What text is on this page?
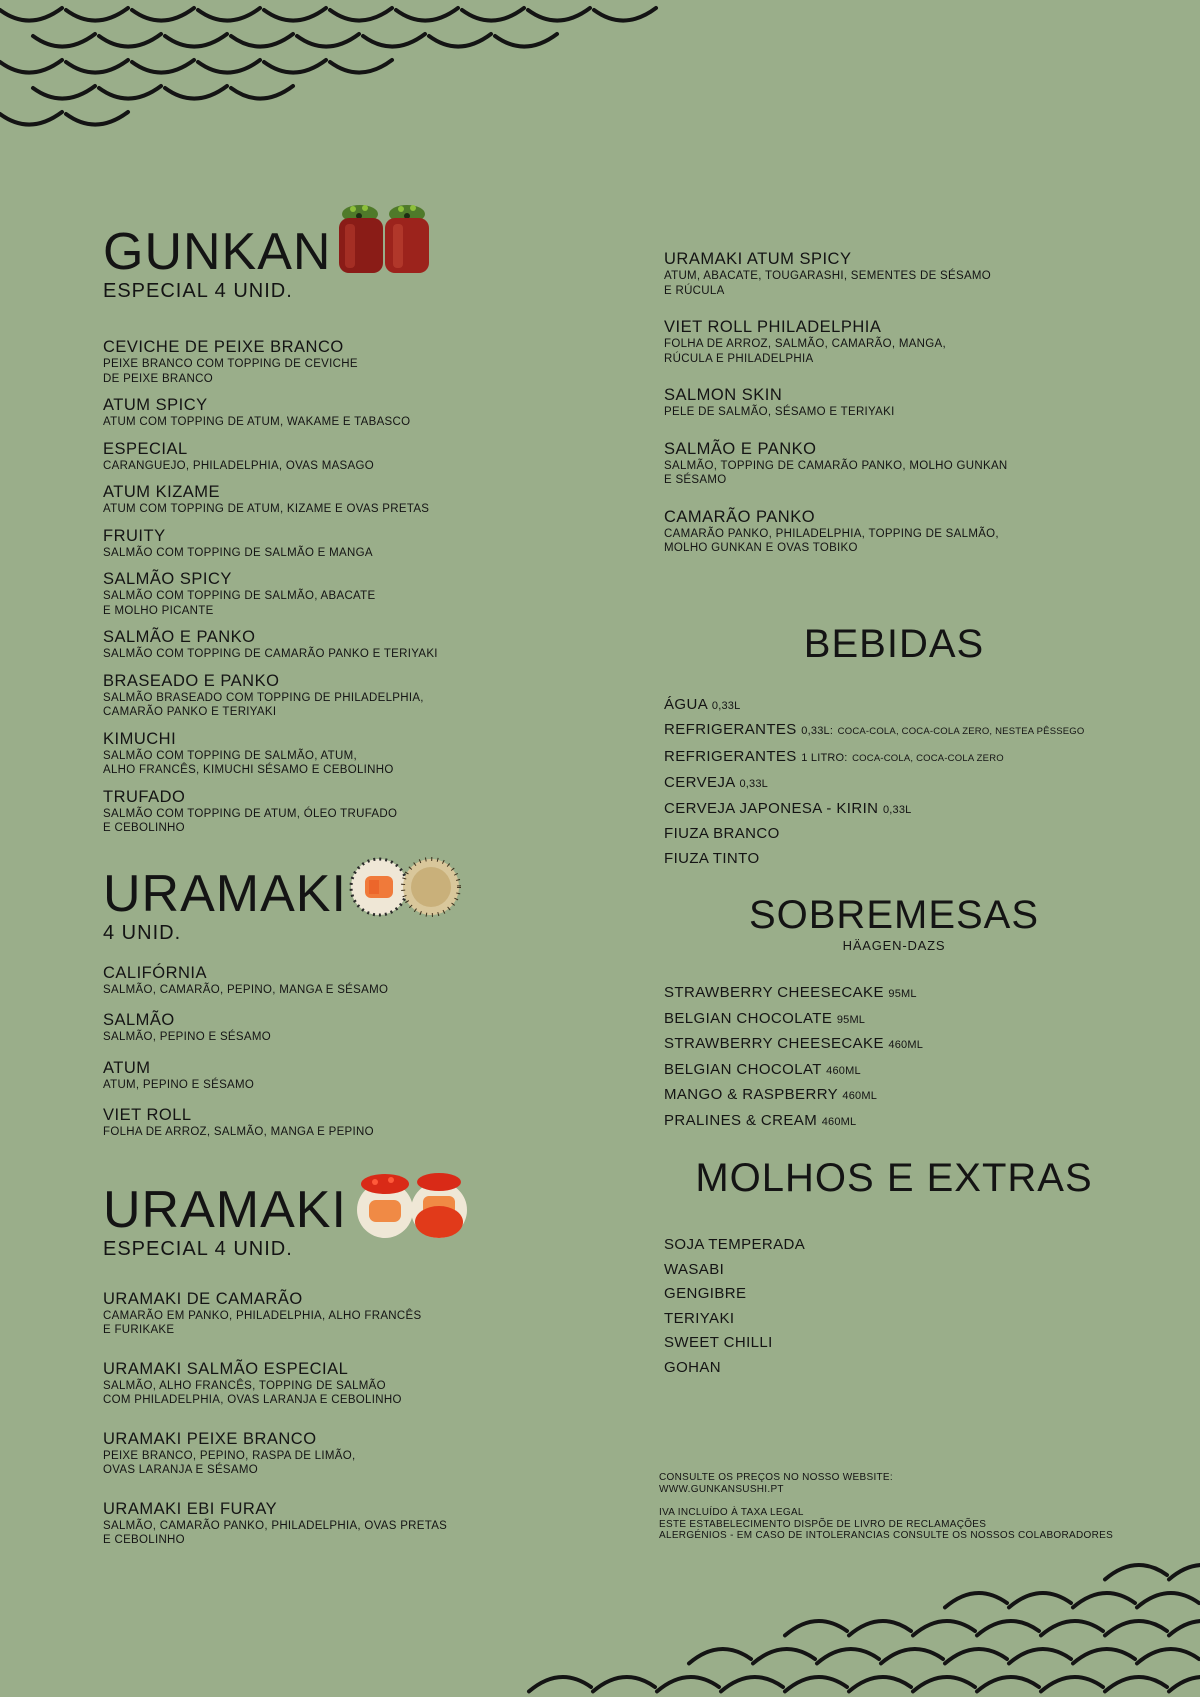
GUNKAN
ESPECIAL 4 UNID.
CEVICHE DE PEIXE BRANCO
PEIXE BRANCO COM TOPPING DE CEVICHE
DE PEIXE BRANCO
ATUM SPICY
ATUM COM TOPPING DE ATUM, WAKAME E TABASCO
ESPECIAL
CARANGUEJO, PHILADELPHIA, OVAS MASAGO
ATUM KIZAME
ATUM COM TOPPING DE ATUM, KIZAME E OVAS PRETAS
FRUITY
SALMÃO COM TOPPING DE SALMÃO E MANGA
SALMÃO SPICY
SALMÃO COM TOPPING DE SALMÃO, ABACATE
E MOLHO PICANTE
SALMÃO E PANKO
SALMÃO COM TOPPING DE CAMARÃO PANKO E TERIYAKI
BRASEADO E PANKO
SALMÃO BRASEADO COM TOPPING DE PHILADELPHIA,
CAMARÃO PANKO E TERIYAKI
KIMUCHI
SALMÃO COM TOPPING DE SALMÃO, ATUM,
ALHO FRANCÊS, KIMUCHI SÉSAMO E CEBOLINHO
TRUFADO
SALMÃO COM TOPPING DE ATUM, ÓLEO TRUFADO
E CEBOLINHO
URAMAKI
4 UNID.
CALIFÓRNIA
SALMÃO, CAMARÃO, PEPINO, MANGA E SÉSAMO
SALMÃO
SALMÃO, PEPINO E SÉSAMO
ATUM
ATUM, PEPINO E SÉSAMO
VIET ROLL
FOLHA DE ARROZ, SALMÃO, MANGA E PEPINO
URAMAKI
ESPECIAL 4 UNID.
URAMAKI DE CAMARÃO
CAMARÃO EM PANKO, PHILADELPHIA, ALHO FRANCÊS
E FURIKAKE
URAMAKI SALMÃO ESPECIAL
SALMÃO, ALHO FRANCÊS, TOPPING DE SALMÃO
COM PHILADELPHIA, OVAS LARANJA E CEBOLINHO
URAMAKI PEIXE BRANCO
PEIXE BRANCO, PEPINO, RASPA DE LIMÃO,
OVAS LARANJA E SÉSAMO
URAMAKI EBI FURAY
SALMÃO, CAMARÃO PANKO, PHILADELPHIA, OVAS PRETAS
E CEBOLINHO
URAMAKI ATUM SPICY
ATUM, ABACATE, TOUGARASHI, SEMENTES DE SÉSAMO
E RÚCULA
VIET ROLL PHILADELPHIA
FOLHA DE ARROZ, SALMÃO, CAMARÃO, MANGA,
RÚCULA E PHILADELPHIA
SALMON SKIN
PELE DE SALMÃO, SÉSAMO E TERIYAKI
SALMÃO E PANKO
SALMÃO, TOPPING DE CAMARÃO PANKO, MOLHO GUNKAN
E SÉSAMO
CAMARÃO PANKO
CAMARÃO PANKO, PHILADELPHIA, TOPPING DE SALMÃO,
MOLHO GUNKAN E OVAS TOBIKO
BEBIDAS
ÁGUA 0,33L
REFRIGERANTES 0,33L: COCA-COLA, COCA-COLA ZERO, NESTEA PÊSSEGO
REFRIGERANTES 1 LITRO: COCA-COLA, COCA-COLA ZERO
CERVEJA 0,33L
CERVEJA JAPONESA - KIRIN 0,33L
FIUZA BRANCO
FIUZA TINTO
SOBREMESAS
HÄAGEN-DAZS
STRAWBERRY CHEESECAKE 95ML
BELGIAN CHOCOLATE 95ML
STRAWBERRY CHEESECAKE 460ML
BELGIAN CHOCOLAT 460ML
MANGO & RASPBERRY 460ML
PRALINES & CREAM 460ML
MOLHOS E EXTRAS
SOJA TEMPERADA
WASABI
GENGIBRE
TERIYAKI
SWEET CHILLI
GOHAN
CONSULTE OS PREÇOS NO NOSSO WEBSITE:
WWW.GUNKANSUSHI.PT
IVA INCLUÍDO À TAXA LEGAL
ESTE ESTABELECIMENTO DISPÕE DE LIVRO DE RECLAMAÇÕES
ALERGÉNIOS - EM CASO DE INTOLERANCIAS CONSULTE OS NOSSOS COLABORADORES
